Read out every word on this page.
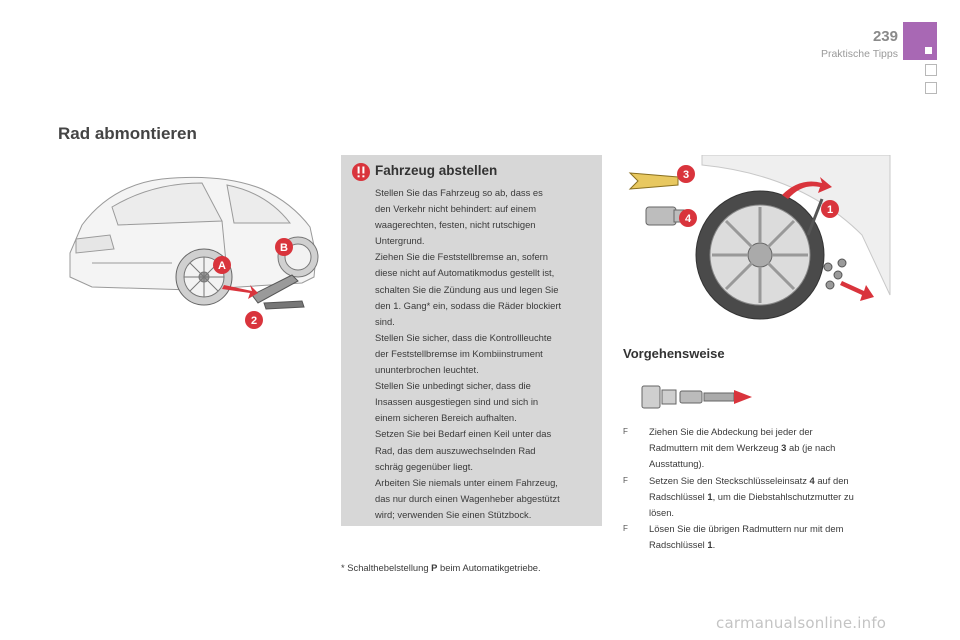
239
Praktische Tipps
Rad abmontieren
A
B
2
Fahrzeug abstellen

Stellen Sie das Fahrzeug so ab, dass es

den Verkehr nicht behindert: auf einem

waagerechten, festen, nicht rutschigen

Untergrund.

Ziehen Sie die Feststellbremse an, sofern

diese nicht auf Automatikmodus gestellt ist,

schalten Sie die Zündung aus und legen Sie

den 1. Gang* ein, sodass die Räder blockiert

sind.

Stellen Sie sicher, dass die Kontrollleuchte

der Feststellbremse im Kombiinstrument

ununterbrochen leuchtet.

Stellen Sie unbedingt sicher, dass die

Insassen ausgestiegen sind und sich in

einem sicheren Bereich aufhalten.

Setzen Sie bei Bedarf einen Keil unter das

Rad, das dem auszuwechselnden Rad

schräg gegenüber liegt.

Arbeiten Sie niemals unter einem Fahrzeug,

das nur durch einen Wagenheber abgestützt

wird; verwenden Sie einen Stützbock.

* Schalthebelstellung P beim Automatikgetriebe.
3
4
1
Vorgehensweise
F Ziehen Sie die Abdeckung bei jeder der

Radmuttern mit dem Werkzeug 3 ab (je nach

Ausstattung).

F Setzen Sie den Steckschlüsseleinsatz 4 auf den

Radschlüssel 1, um die Diebstahlschutzmutter zu

lösen.

F Lösen Sie die übrigen Radmuttern nur mit dem

Radschlüssel 1.

carmanualsonline.info
